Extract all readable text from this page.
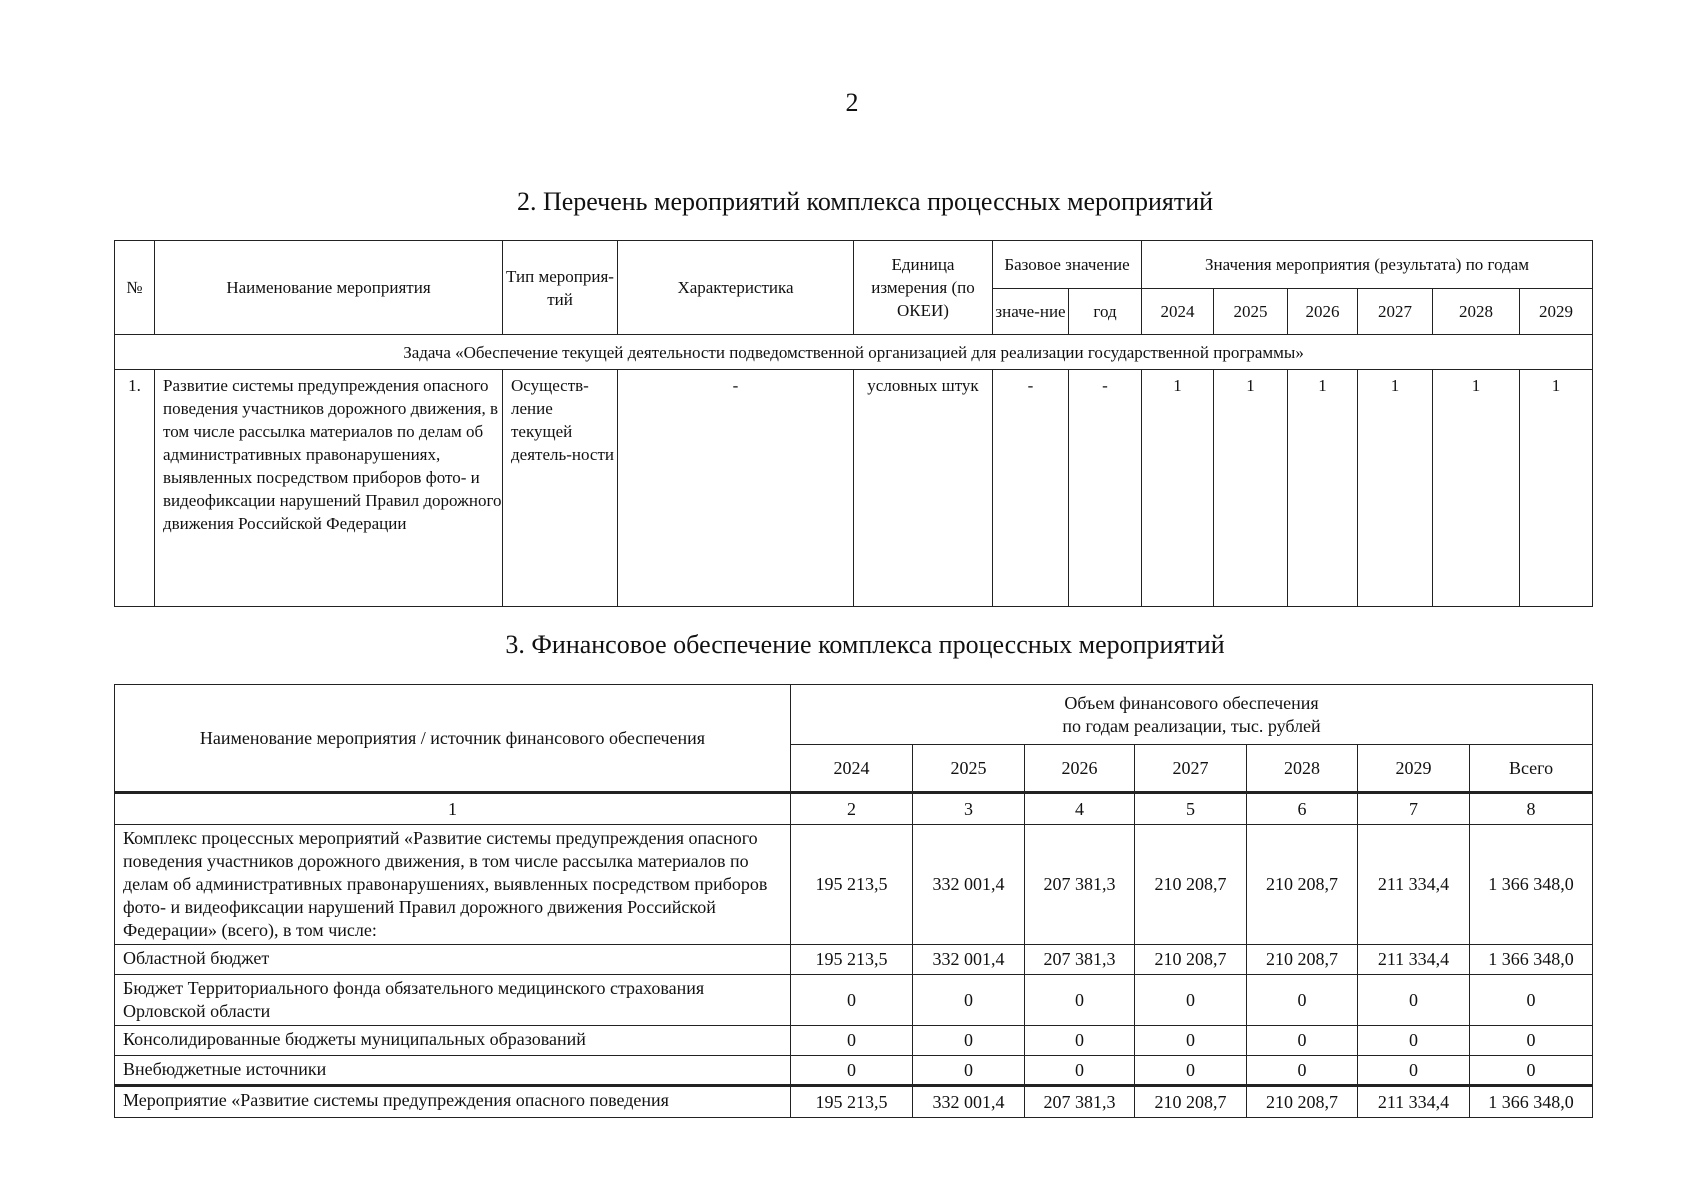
2
2. Перечень мероприятий комплекса процессных мероприятий
№	Наименование мероприятия	Тип мероприя-тий	Характеристика	Единица измерения (по ОКЕИ)	Базовое значение		Значения мероприятия (результата) по годам					
					значе-ние	год	2024	2025	2026	2027	2028	2029
Задача «Обеспечение текущей деятельности подведомственной организацией для реализации государственной программы»												
1.	Развитие системы предупреждения опасного поведения участников дорожного движения, в том числе рассылка материалов по делам об административных правонарушениях, выявленных посредством приборов фото- и видеофиксации нарушений Правил дорожного движения Российской Федерации	Осуществ-ление текущей деятель-ности	-	условных штук	-	-	1	1	1	1	1	1
3. Финансовое обеспечение комплекса процессных мероприятий
Наименование мероприятия / источник финансового обеспечения	Объем финансового обеспечения
по годам реализации, тыс. рублей						

	2024	2025	2026	2027	2028	2029	Всего
1	2	3	4	5	6	7	8
Комплекс процессных мероприятий «Развитие системы предупреждения опасного поведения участников дорожного движения, в том числе рассылка материалов по делам об административных правонарушениях, выявленных посредством приборов фото- и видеофиксации нарушений Правил дорожного движения Российской Федерации» (всего), в том числе:	195 213,5	332 001,4	207 381,3	210 208,7	210 208,7	211 334,4	1 366 348,0
Областной бюджет	195 213,5	332 001,4	207 381,3	210 208,7	210 208,7	211 334,4	1 366 348,0
Бюджет Территориального фонда обязательного медицинского страхования Орловской области	0	0	0	0	0	0	0
Консолидированные бюджеты муниципальных образований	0	0	0	0	0	0	0
Внебюджетные источники	0	0	0	0	0	0	0
Мероприятие «Развитие системы предупреждения опасного поведения	195 213,5	332 001,4	207 381,3	210 208,7	210 208,7	211 334,4	1 366 348,0
